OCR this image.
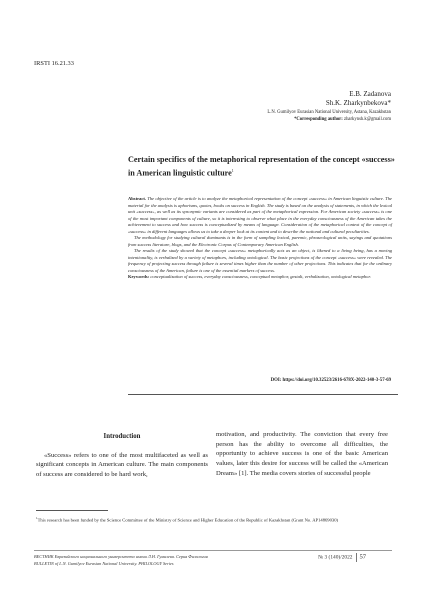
IRSTI 16.21.33
E.B. Zadanova
Sh.K. Zharkynbekova*
L.N. Gumilyov Eurasian National University, Astana, Kazakhstan
*Corresponding author: zharkynsh.k@gmail.com
Certain specifics of the metaphorical representation of the concept «success» in American linguistic culture$^1$

Abstract. The objective of the article is to analyze the metaphorical representation of the concept «success» in American linguistic culture. The material for the analysis is aphorisms, quotes, books on success in English. The study is based on the analysis of statements, in which the lexical unit «success», as well as its synonymic variants are considered as part of the metaphorical expression. For American society «success» is one of the most important components of culture, so it is interesting to observe what place in the everyday consciousness of the American takes the achievement to success and how success is conceptualized by means of language. Consideration of the metaphorical context of the concept of «success» in different languages allows us to take a deeper look at its content and to describe the national and cultural peculiarities.

The methodology for studying cultural dominants is in the form of sampling lexical, paremic, phraseological units, sayings and quotations from success literature, blogs, and the Electronic Corpus of Contemporary American English.

The results of the study showed that the concept «success» metaphorically acts as an object, is likened to a living being, has a moving intentionality, is verbalized by a variety of metaphors, including ontological. The basic projections of the concept «success» were revealed. The frequency of projecting success through failure is several times higher than the number of other projections. This indicates that for the ordinary consciousness of the American, failure is one of the essential markers of success.

Keywords: conceptualization of success, everyday consciousness, conceptual metaphor, gestalt, verbalization, ontological metaphor.

DOI: https://doi.org/10.32523/2616-678X-2022-140-3-57-69
Introduction

«Success» refers to one of the most multifaceted as well as significant concepts in American culture. The main components of success are considered to be hard work,

motivation, and productivity. The conviction that every free person has the ability to overcome all difficulties, the opportunity to achieve success is one of the basic American values, later this desire for success will be called the «American Dream» [1]. The media covers stories of successful people

$^1$This research has been funded by the Science Committee of the Ministry of Science and Higher Education of the Republic of Kazakhstan (Grant No. AP14869030)
ВЕСТНИК Евразийского национального университета имени Л.Н. Гумилева. Серия Филология
BULLETIN of L.N. Gumilyov Eurasian National University. PHILOLOGY Series
№ 3 (140)/2022 57
